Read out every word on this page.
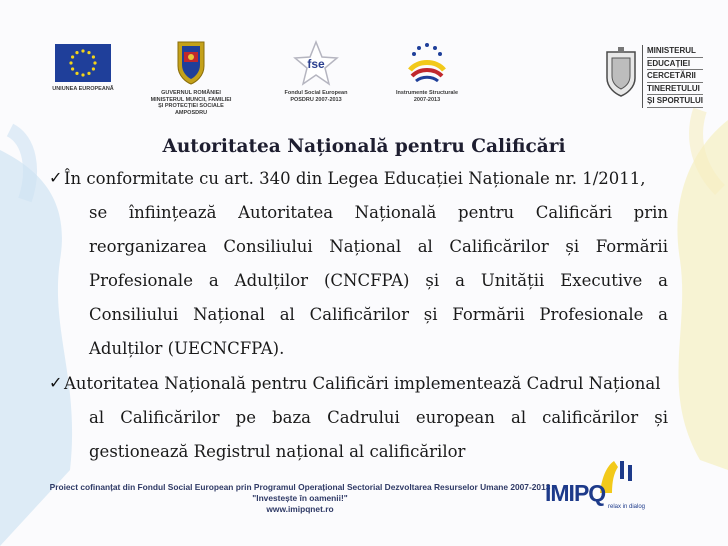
UNIUNEA EUROPEANĂ
GUVERNUL ROMÂNIEI
MINISTERUL MUNCII, FAMILIEI
ȘI PROTECȚIEI SOCIALE
AMPOSDRU
fse
Fondul Social European
POSDRU 2007-2013
Instrumente Structurale
2007-2013
MINISTERUL
EDUCAȚIEI
CERCETĂRII
TINERETULUI
ȘI SPORTULUI
Autoritatea Națională pentru Calificări
✓ În conformitate cu art. 340 din Legea Educației Naționale nr. 1/2011,
se înființează Autoritatea Națională pentru Calificări prin
reorganizarea Consiliului Național al Calificărilor și Formării
Profesionale a Adulților (CNCFPA) și a Unității Executive a
Consiliului Național al Calificărilor și Formării Profesionale a
Adulților (UECNCFPA).
✓ Autoritatea Națională pentru Calificări implementează Cadrul Național
al Calificărilor pe baza Cadrului european al calificărilor și
gestionează Registrul național al calificărilor
Proiect cofinanțat din Fondul Social European prin Programul Operațional Sectorial Dezvoltarea Resurselor Umane 2007-2013
"Investește în oamenii!"
www.imipqnet.ro
IMIPQ
relax in dialog
